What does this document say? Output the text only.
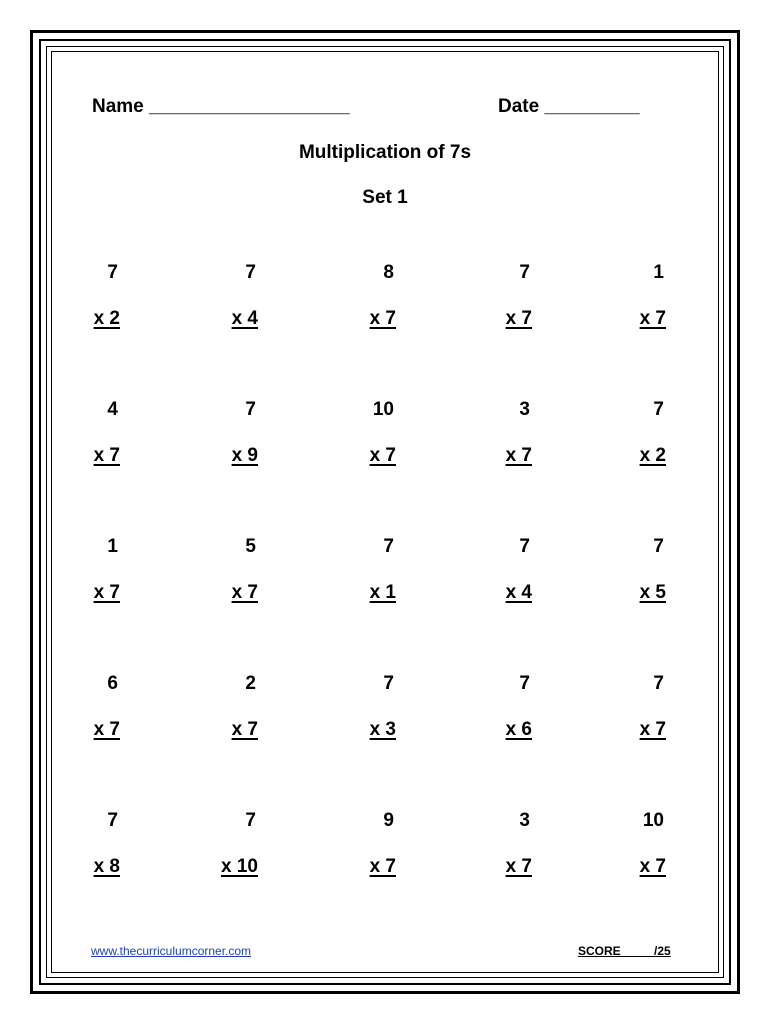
Name ___________________	Date _________
Multiplication of 7s
Set 1
7
x 2
7
x 4
8
x 7
7
x 7
1
x 7
4
x 7
7
x 9
10
x 7
3
x 7
7
x 2
1
x 7
5
x 7
7
x 1
7
x 4
7
x 5
6
x 7
2
x 7
7
x 3
7
x 6
7
x 7
7
x 8
7
x 10
9
x 7
3
x 7
10
x 7
www.thecurriculumcorner.com	SCORE          /25
